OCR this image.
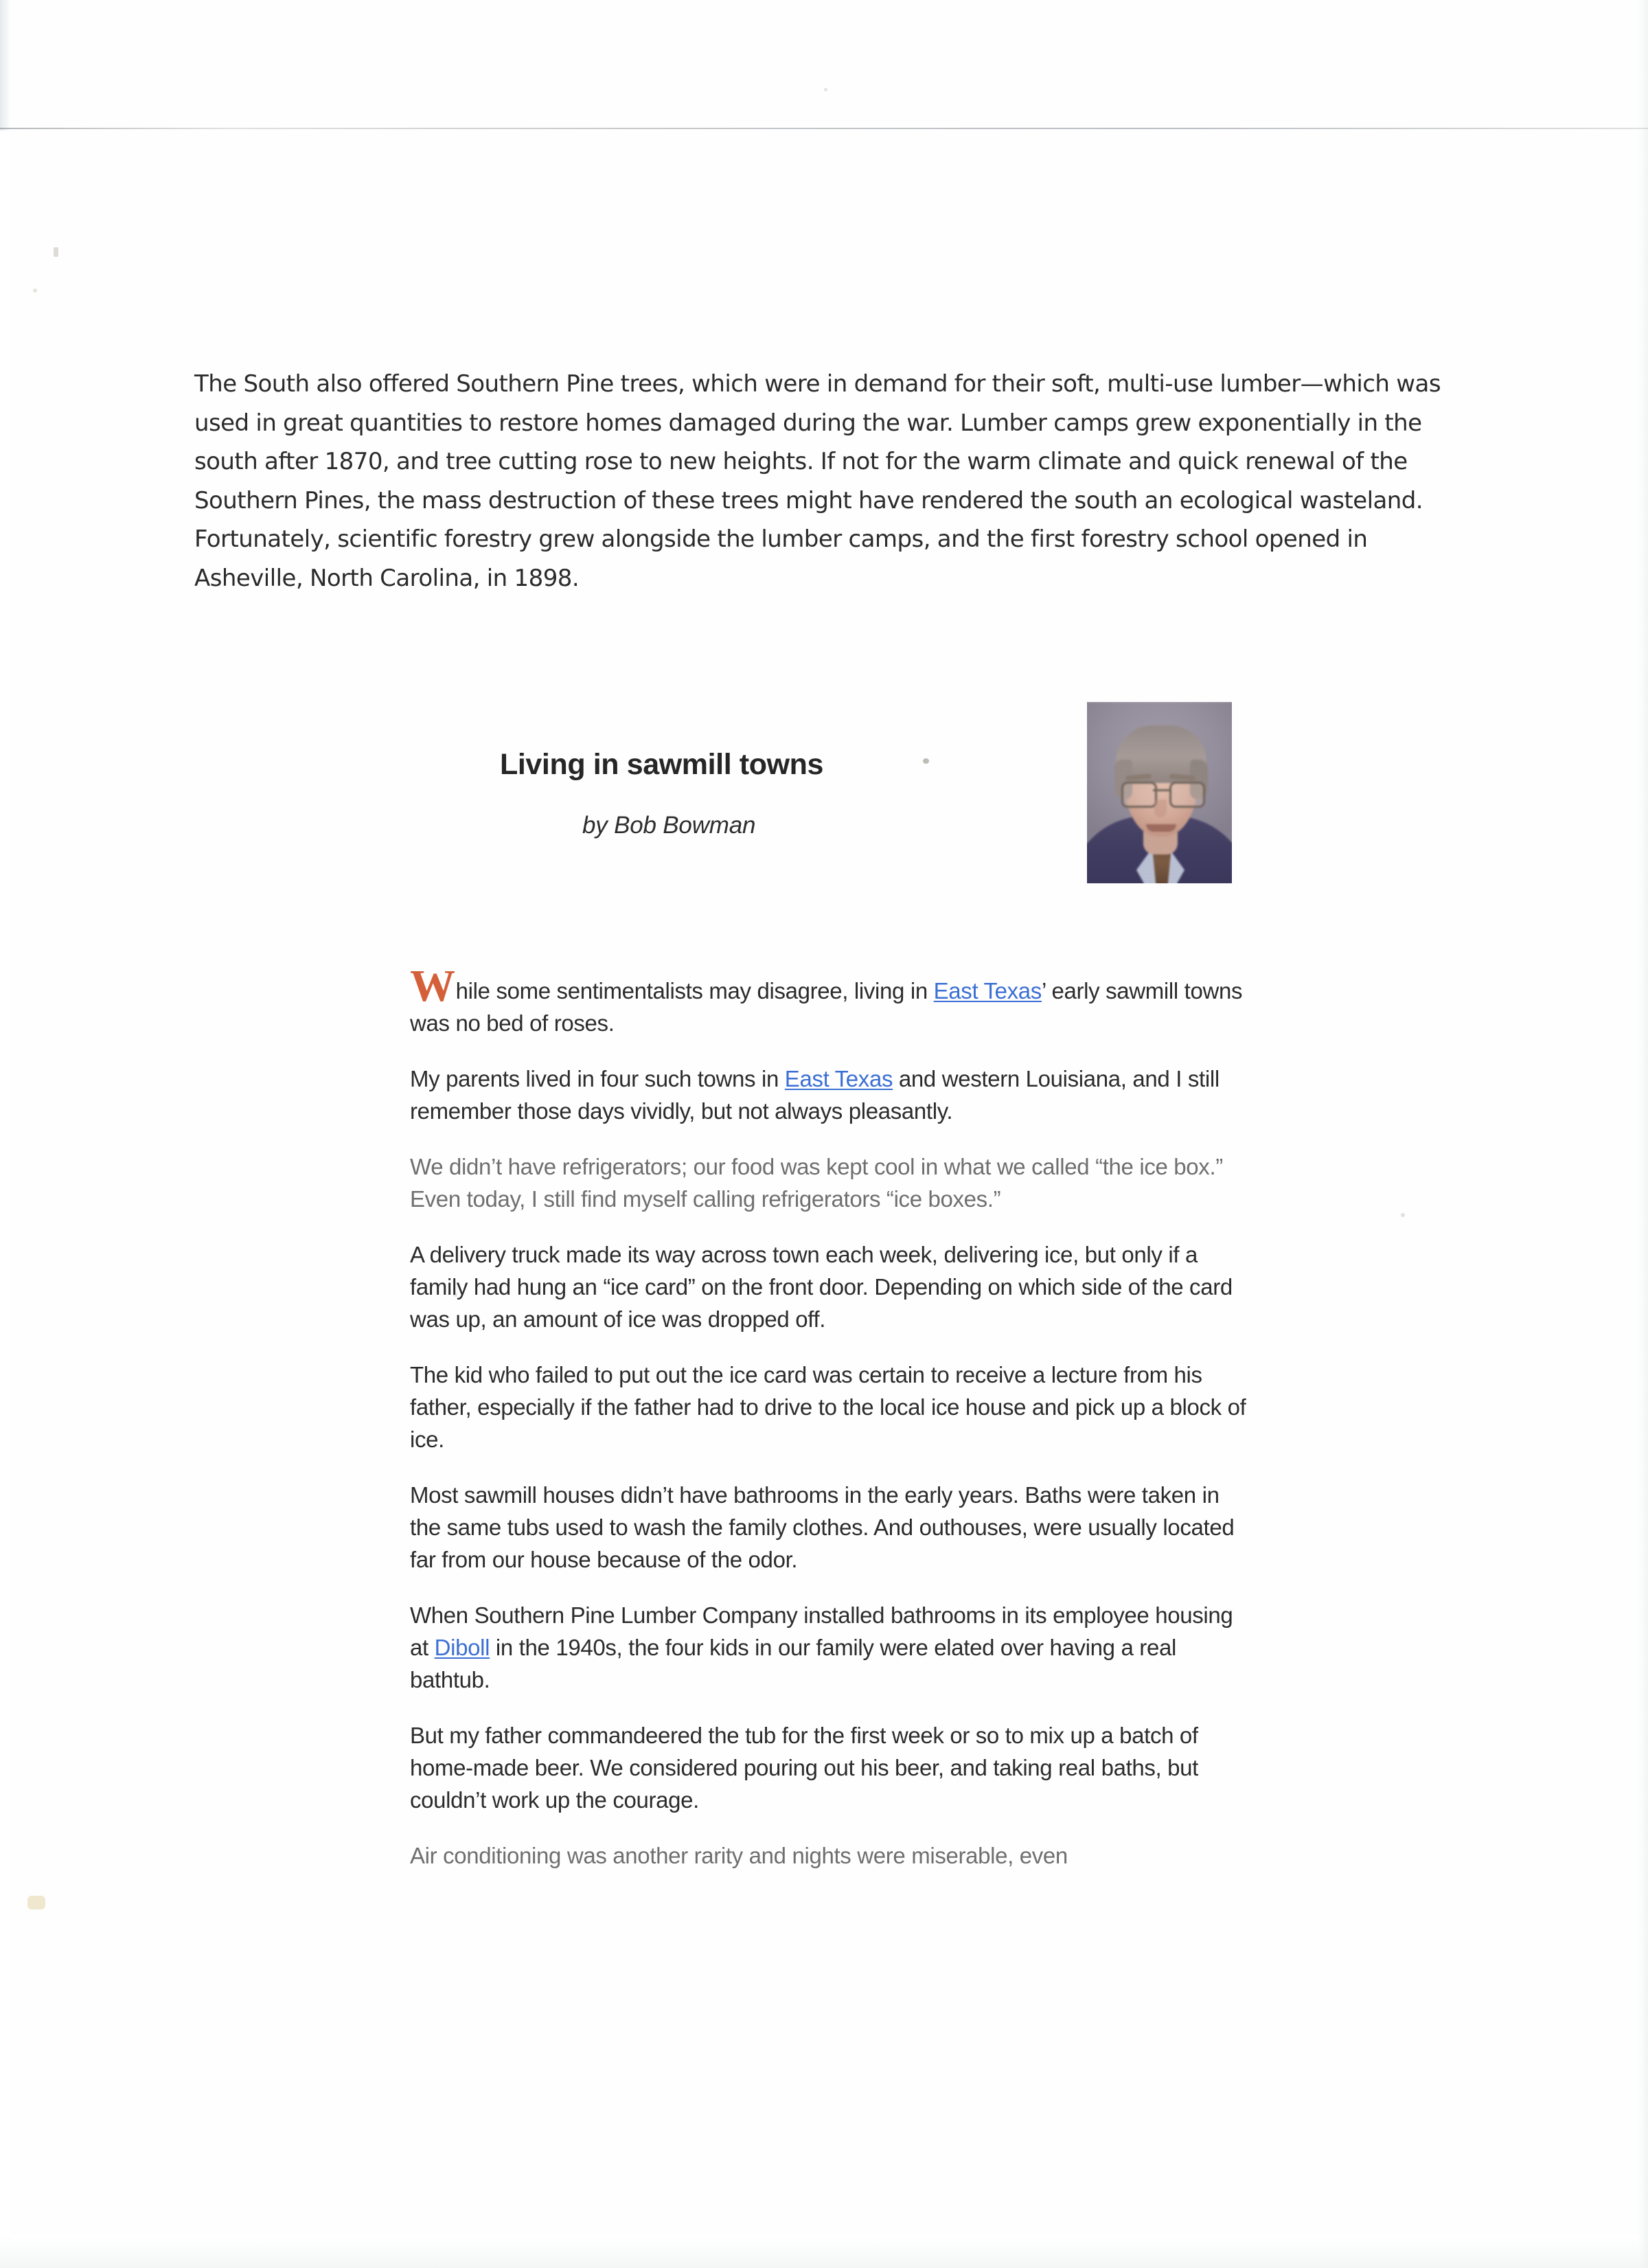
The South also offered Southern Pine trees, which were in demand for their soft, multi-use lumber—which was used in great quantities to restore homes damaged during the war. Lumber camps grew exponentially in the south after 1870, and tree cutting rose to new heights. If not for the warm climate and quick renewal of the Southern Pines, the mass destruction of these trees might have rendered the south an ecological wasteland. Fortunately, scientific forestry grew alongside the lumber camps, and the first forestry school opened in Asheville, North Carolina, in 1898.

Living in sawmill towns
by Bob Bowman

While some sentimentalists may disagree, living in East Texas’ early sawmill towns was no bed of roses.

My parents lived in four such towns in East Texas and western Louisiana, and I still remember those days vividly, but not always pleasantly.

We didn’t have refrigerators; our food was kept cool in what we called “the ice box.” Even today, I still find myself calling refrigerators “ice boxes.”

A delivery truck made its way across town each week, delivering ice, but only if a family had hung an “ice card” on the front door. Depending on which side of the card was up, an amount of ice was dropped off.

The kid who failed to put out the ice card was certain to receive a lecture from his father, especially if the father had to drive to the local ice house and pick up a block of ice.

Most sawmill houses didn’t have bathrooms in the early years. Baths were taken in the same tubs used to wash the family clothes. And outhouses, were usually located far from our house because of the odor.

When Southern Pine Lumber Company installed bathrooms in its employee housing at Diboll in the 1940s, the four kids in our family were elated over having a real bathtub.

But my father commandeered the tub for the first week or so to mix up a batch of home-made beer. We considered pouring out his beer, and taking real baths, but couldn’t work up the courage.

Air conditioning was another rarity and nights were miserable, even
